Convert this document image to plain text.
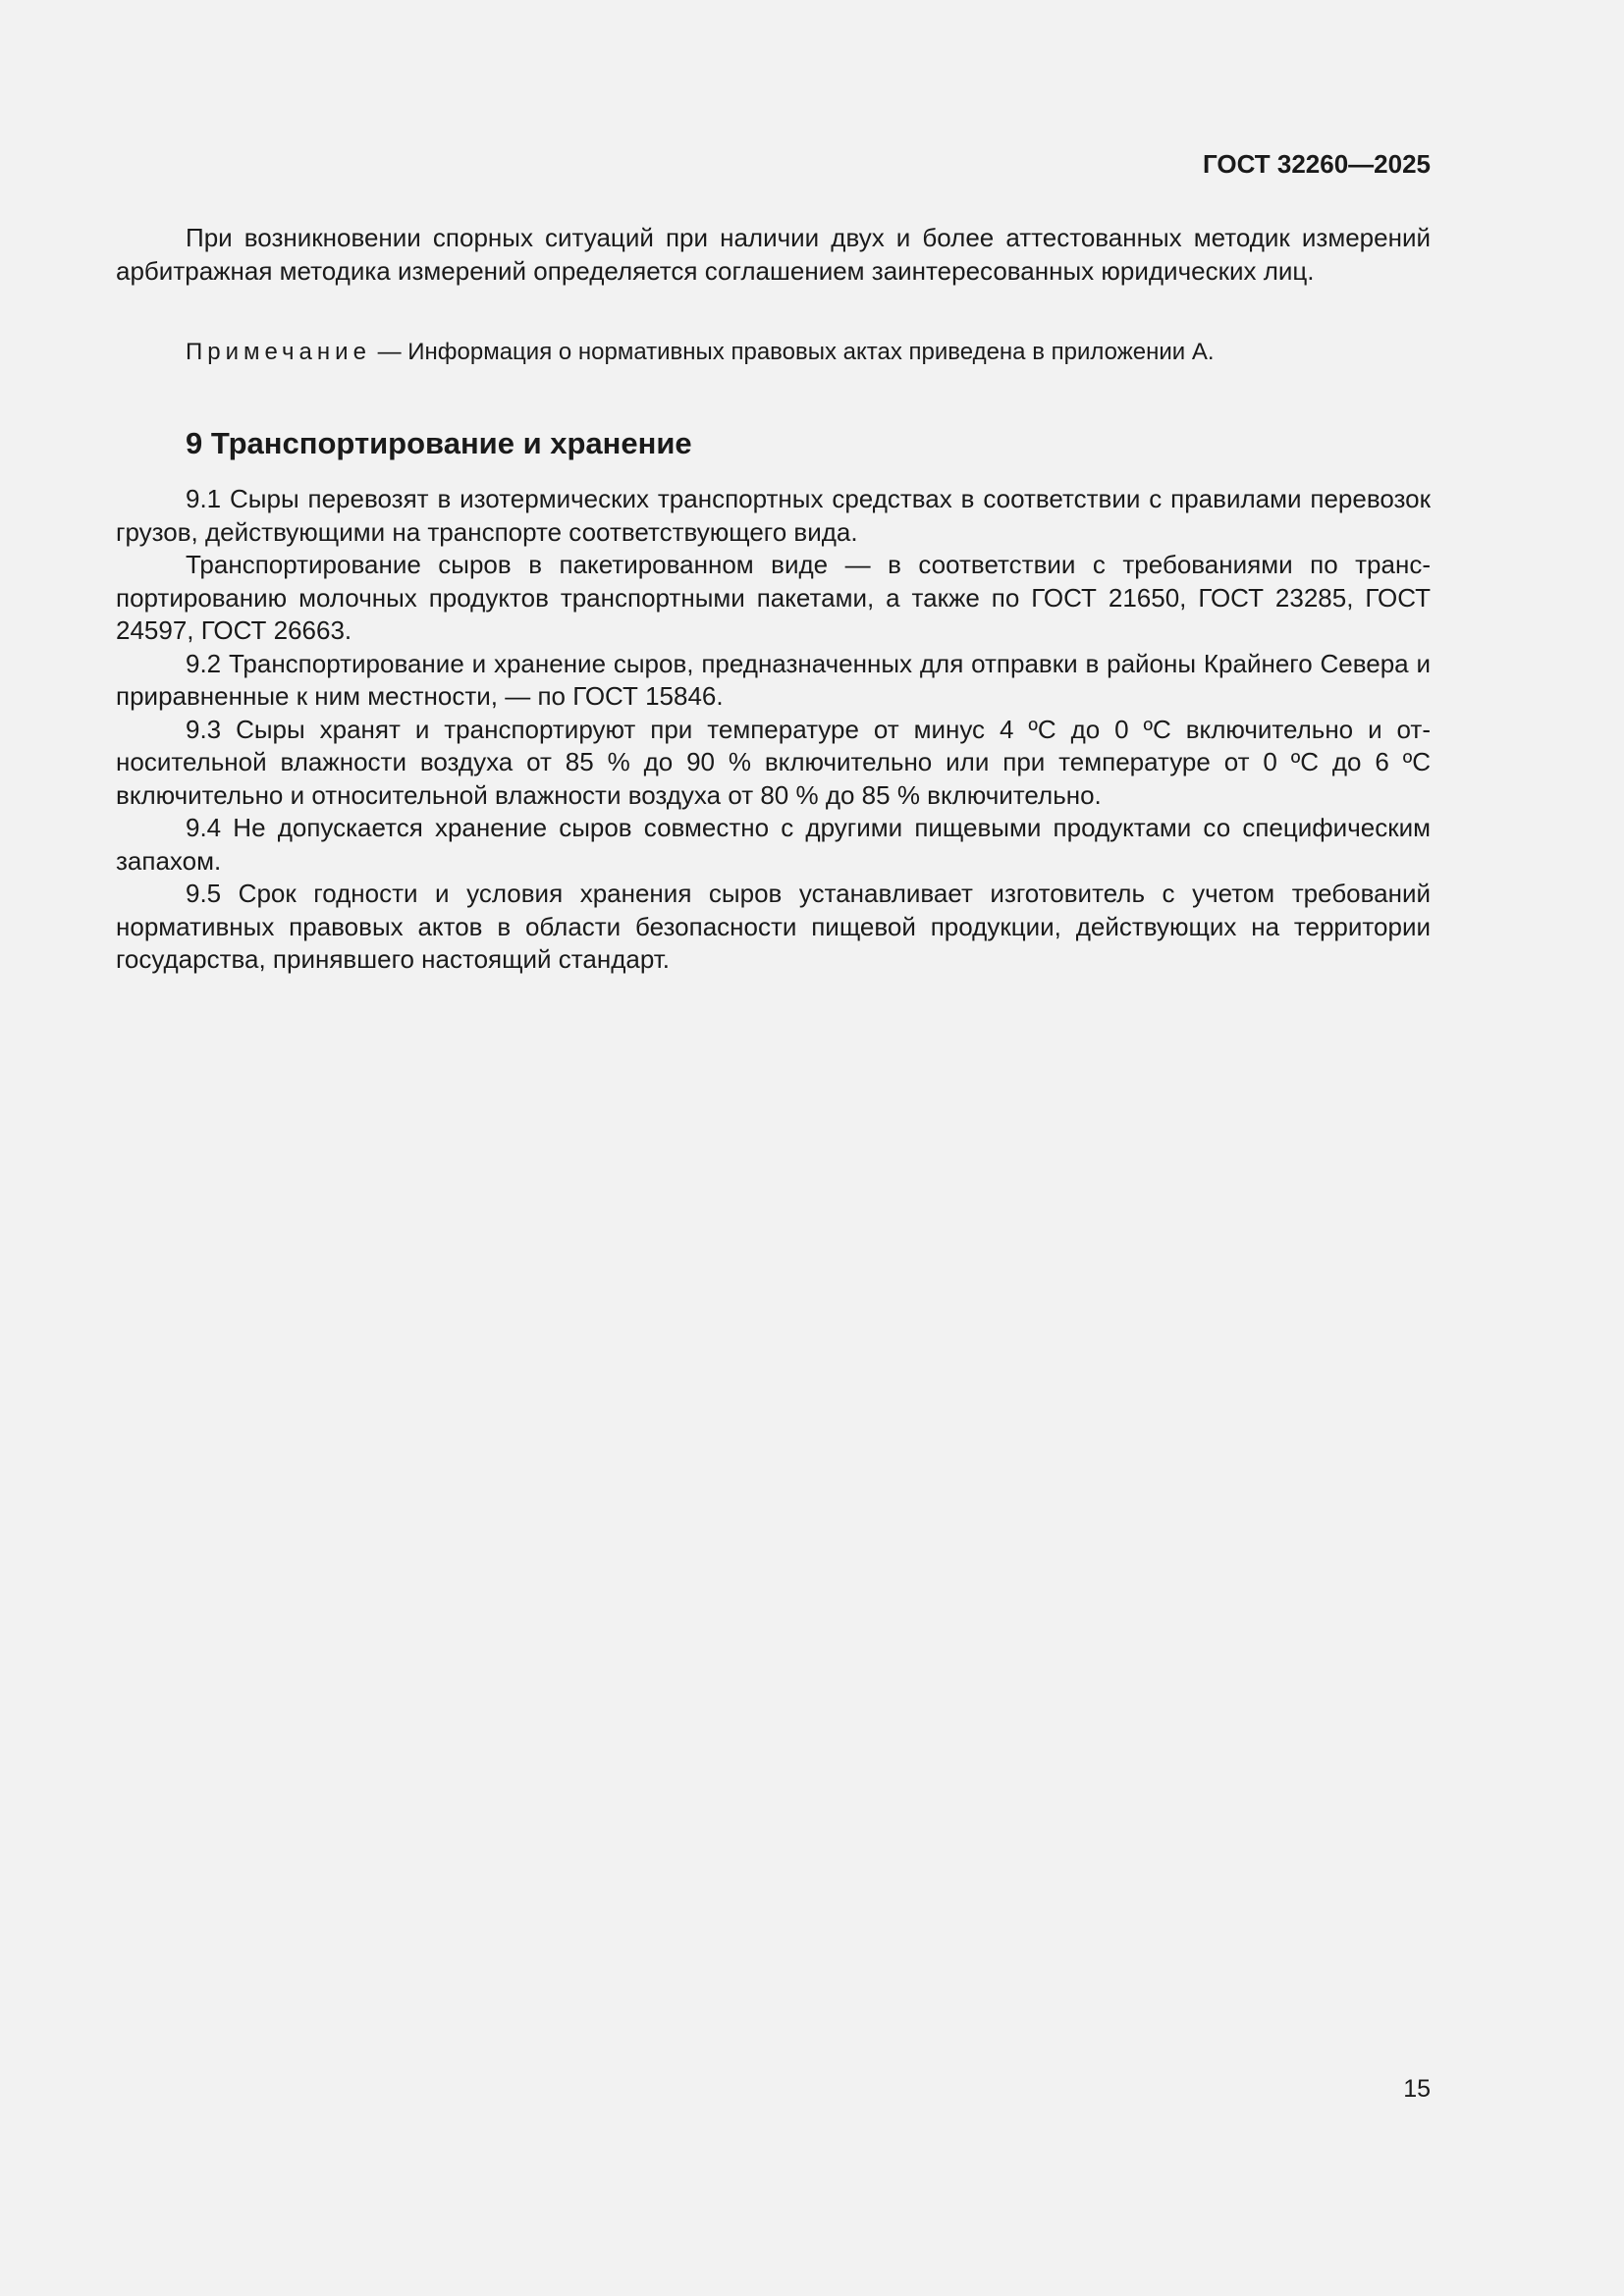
ГОСТ 32260—2025

При возникновении спорных ситуаций при наличии двух и более аттестованных методик измерений арбитражная методика измерений определяется соглашением заинтересованных юридических лиц.

Примечание — Информация о нормативных правовых актах приведена в приложении А.
9 Транспортирование и хранение

9.1 Сыры перевозят в изотермических транспортных средствах в соответствии с правилами перевозок грузов, действующими на транспорте соответствующего вида.

Транспортирование сыров в пакетированном виде — в соответствии с требованиями по транспортированию молочных продуктов транспортными пакетами, а также по ГОСТ 21650, ГОСТ 23285, ГОСТ 24597, ГОСТ 26663.

9.2 Транспортирование и хранение сыров, предназначенных для отправки в районы Крайнего Севера и приравненные к ним местности, — по ГОСТ 15846.

9.3 Сыры хранят и транспортируют при температуре от минус 4 ºС до 0 ºС включительно и относительной влажности воздуха от 85 % до 90 % включительно или при температуре от 0 ºС до 6 ºС включительно и относительной влажности воздуха от 80 % до 85 % включительно.

9.4 Не допускается хранение сыров совместно с другими пищевыми продуктами со специфическим запахом.

9.5 Срок годности и условия хранения сыров устанавливает изготовитель с учетом требований нормативных правовых актов в области безопасности пищевой продукции, действующих на территории государства, принявшего настоящий стандарт.

15
